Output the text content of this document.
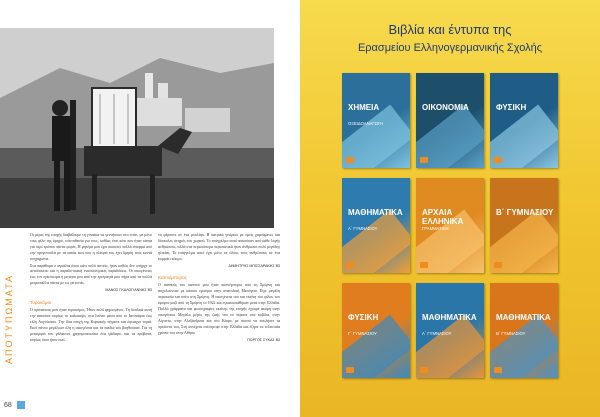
ΑΠΟΤΥΠΩΜΑΤΑ

Οι μέρες της εποχής διαβάζουμε τη γυναίκα να γεννήσουν στο σπίτι, με μόνο τους φίλο της όμηρο, εστεπιθεσία για τους, κοθίως έτσι κάτι που ήταν κάπια για περί τρόπου πάντα φορές. Η μητέρα μου έχει σκουπει πολλά σπορφα από την προγονούλα με τα κακία εκεί που η πλευρά του έχει δρηση τους κοντά στηριγμένα.

Στα παράθυρα ο αγκάλια όπου κάτι πολύ αστείο, ήταν κοθώς δεν υπήρχε το ανισόσκεπο και η παραδο-σιακή ενσεκονομικές παραδόσεις. Οι οικογένειες έως τον εγκοινωμα η μητέρα μου από την προγιαγιά μου πήρα από τα πολλά μετροπάλλα πάντα με τις γειτονιές.

ΜΑΝΟΣ ΓΚΑΛΟΓΙΑΝΝΗΣ Β3

Τυροκόμοι

Ο προπάπους μου ήταν τυροκόμος. Ήταν πολύ φημισμένος. Τη δουλειά αυτή την ασκούσε κυρίως το καλοκαίρι, στα Ιούνιο μέσα από το Ιανουάριο έως τέλη Αυγούστου. Την ίδια εποχή της Κυριακής πήγαινε και έφτιαχνε τυριά. Εκεί πάντα μεγάλωνε όλη η οικογένεια και τα παιδιά του βοηθούσαν. Για τη μεταφορά του γάλακτος χρησιμοποιούσε ένα γάιδαρο, και τα πρόβατα, κυρίως όσοι ήταν εκεί.

τα φέρουνε σε ένα μουλάρι. Η πατρικό γνώρισε με εμείς χαρούμενες και δύσκολες στιγμές του χωριού. Το επάγγελμα αυτό ασκούσαν από κάθε λογής ανθρώπους, αλλά στα περισσότερα περιστατικά ήταν άνθρωποι πολύ μεγάλης ηλικίας. Το επάγγελμα αυτό έχει μόνο σε όλους τους ανθρώπους σε ένα κομμάτι κόσμο.

ΔΗΜΗΤΡΗΣ ΜΠΙΣΣΑΡΑΚΗΣ Β3

Καπνέμπορος

Ο παππούς του παππού μου ήταν καπνέμπορος από τη Σμύρνη και ασχολούνταν με κάποιο εμπόριο στην ανατολική Μεσόγειο. Είχε μεγάλη περιουσία και σπίτι στη Σμύρνη. Η οικογένεια του και εκείνη του φίλου του έφυγαν μαζί από τη Σμύρνη το 1922 και εγκαταστάθηκαν μετά στην Ελλάδα. Πολλά γράμματα και φωτογραφίες εκείνης της εποχής έχουμε ακόμη στην οικογένεια. Μεγάλο μέρος της ζωής του το πέρασε στα ταξίδια, στην Αίγυπτο, στην Αλεξάνδρεια και στο Κάιρο, με σκοπό να πουλήσει τα προϊόντα του. Στη συνέχεια επέστρεψε στην Ελλάδα και έζησε τα τελευταία χρόνια του στην Αθήνα.

ΠΟΡΓΟΣ ΣΥΚΑΣ Β3

68
Βιβλία και έντυπα της
Ερασμείου Ελληνογερμανικής Σχολής
ΧΗΜΕΙΑ
ΟΞΕΙΔΟΑΝΑΓΩΓΗ
ΟΙΚΟΝΟΜΙΑ	ΦΥΣΙΚΗ
ΜΑΘΗΜΑΤΙΚΑ
Α΄ ΓΥΜΝΑΣΙΟΥ
ΑΡΧΑΙΑ ΕΛΛΗΝΙΚΑ
ΓΡΑΜΜΑΤΙΚΗ
Β΄ ΓΥΜΝΑΣΙΟΥ
ΦΥΣΙΚΗ
Γ΄ ΓΥΜΝΑΣΙΟΥ
ΜΑΘΗΜΑΤΙΚΑ
Α΄ ΓΥΜΝΑΣΙΟΥ
ΜΑΘΗΜΑΤΙΚΑ
Β΄ ΓΥΜΝΑΣΙΟΥ
